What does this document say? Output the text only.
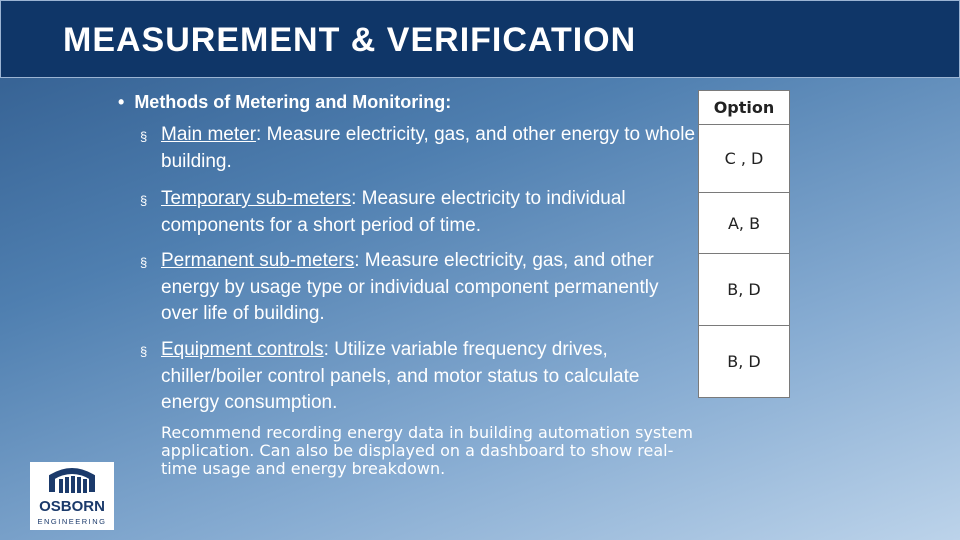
MEASUREMENT & VERIFICATION
• Methods of Metering and Monitoring:
§ Main meter: Measure electricity, gas, and other energy to whole building.
§ Temporary sub-meters: Measure electricity to individual components for a short period of time.
§ Permanent sub-meters: Measure electricity, gas, and other energy by usage type or individual component permanently over life of building.
§ Equipment controls: Utilize variable frequency drives, chiller/boiler control panels, and motor status to calculate energy consumption.
Recommend recording energy data in building automation system application. Can also be displayed on a dashboard to show real-time usage and energy breakdown.
Option
C , D
A, B
B, D
B, D
OSBORN
ENGINEERING
